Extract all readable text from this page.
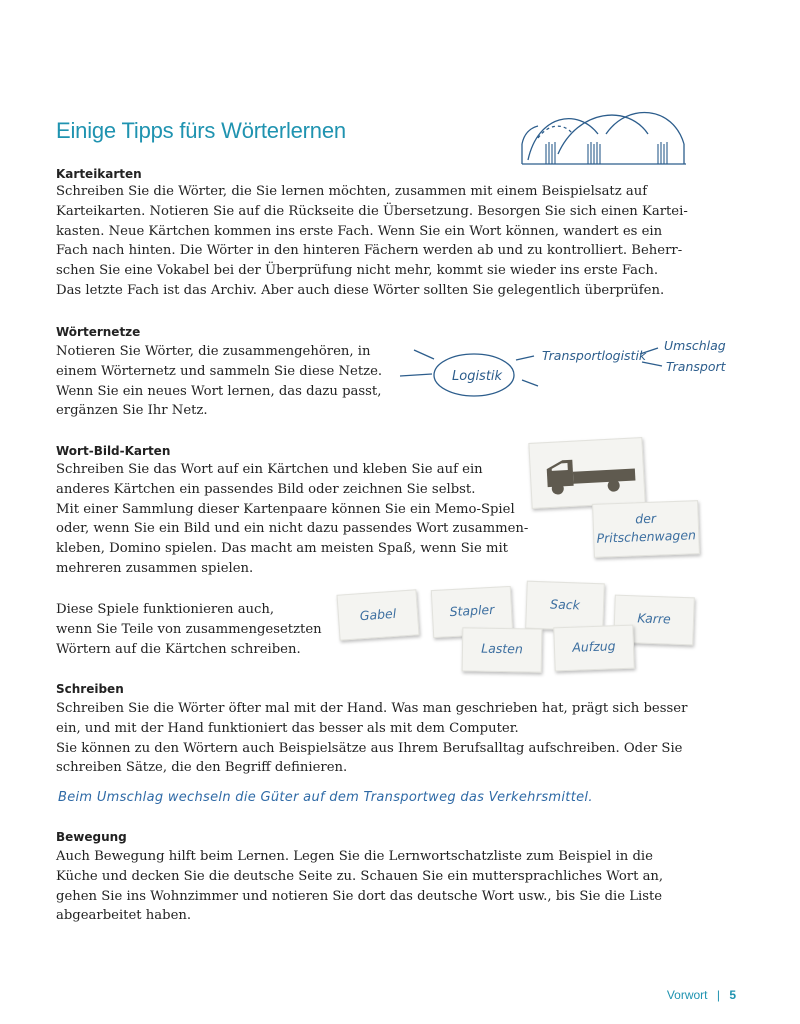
Einige Tipps fürs Wörterlernen
Karteikarten
Schreiben Sie die Wörter, die Sie lernen möchten, zusammen mit einem Beispielsatz auf
Karteikarten. Notieren Sie auf die Rückseite die Übersetzung. Besorgen Sie sich einen Kartei-
kasten. Neue Kärtchen kommen ins erste Fach. Wenn Sie ein Wort können, wandert es ein
Fach nach hinten. Die Wörter in den hinteren Fächern werden ab und zu kontrolliert. Beherr-
schen Sie eine Vokabel bei der Überprüfung nicht mehr, kommt sie wieder ins erste Fach.
Das letzte Fach ist das Archiv. Aber auch diese Wörter sollten Sie gelegentlich überprüfen.
Wörternetze
Notieren Sie Wörter, die zusammengehören, in
einem Wörternetz und sammeln Sie diese Netze.
Wenn Sie ein neues Wort lernen, das dazu passt,
ergänzen Sie Ihr Netz.
Logistik
Transportlogistik
Umschlag
Transport
Wort-Bild-Karten
Schreiben Sie das Wort auf ein Kärtchen und kleben Sie auf ein
anderes Kärtchen ein passendes Bild oder zeichnen Sie selbst.
Mit einer Sammlung dieser Kartenpaare können Sie ein Memo-Spiel
oder, wenn Sie ein Bild und ein nicht dazu passendes Wort zusammen-
kleben, Domino spielen. Das macht am meisten Spaß, wenn Sie mit
mehreren zusammen spielen.
Diese Spiele funktionieren auch,
wenn Sie Teile von zusammengesetzten
Wörtern auf die Kärtchen schreiben.
der
Pritschenwagen
Gabel	Stapler	Sack
Karre
Lasten	Aufzug
Schreiben
Schreiben Sie die Wörter öfter mal mit der Hand. Was man geschrieben hat, prägt sich besser
ein, und mit der Hand funktioniert das besser als mit dem Computer.
Sie können zu den Wörtern auch Beispielsätze aus Ihrem Berufsalltag aufschreiben. Oder Sie
schreiben Sätze, die den Begriff definieren.
Beim Umschlag wechseln die Güter auf dem Transportweg das Verkehrsmittel.
Bewegung
Auch Bewegung hilft beim Lernen. Legen Sie die Lernwortschatzliste zum Beispiel in die
Küche und decken Sie die deutsche Seite zu. Schauen Sie ein muttersprachliches Wort an,
gehen Sie ins Wohnzimmer und notieren Sie dort das deutsche Wort usw., bis Sie die Liste
abgearbeitet haben.
Vorwort | 5
